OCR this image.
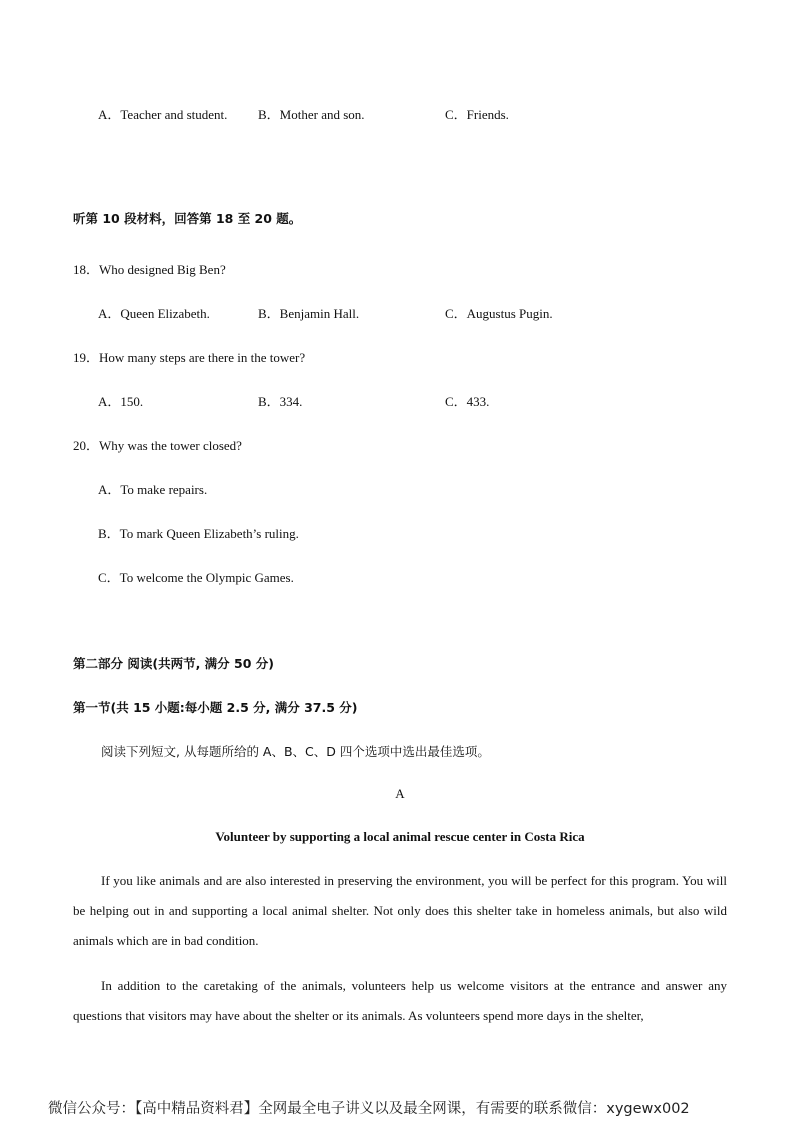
A．Teacher and student. B．Mother and son.	C．Friends.
听第 10 段材料，回答第 18 至 20 题。
18．Who designed Big Ben?
A．Queen Elizabeth.	B．Benjamin Hall.	C．Augustus Pugin.
19．How many steps are there in the tower?
A．150.	B．334.	C．433.
20．Why was the tower closed?
A．To make repairs.
B．To mark Queen Elizabeth’s ruling.
C．To welcome the Olympic Games.
第二部分 阅读(共两节, 满分 50 分)
第一节(共 15 小题:每小题 2.5 分, 满分 37.5 分)
阅读下列短文, 从每题所给的 A、B、C、D 四个选项中选出最佳选项。
A
Volunteer by supporting a local animal rescue center in Costa Rica
If you like animals and are also interested in preserving the environment, you will be perfect for this program. You will be helping out in and supporting a local animal shelter. Not only does this shelter take in homeless animals, but also wild animals which are in bad condition.
In addition to the caretaking of the animals, volunteers help us welcome visitors at the entrance and answer any questions that visitors may have about the shelter or its animals. As volunteers spend more days in the shelter,
微信公众号：【高中精品资料君】全网最全电子讲义以及最全网课，有需要的联系微信：xygewx002
